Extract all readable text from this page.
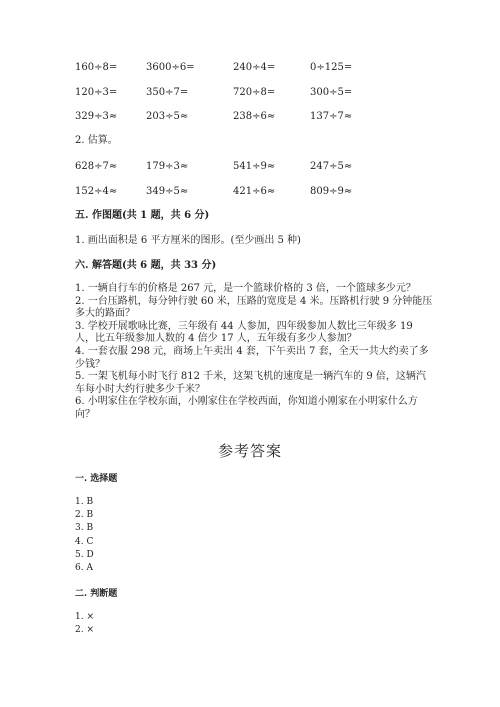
160÷8=	3600÷6=	240÷4=	0÷125=
120÷3=	350÷7=	720÷8=	300÷5=
329÷3≈	203÷5≈	238÷6≈	137÷7≈
2. 估算。
628÷7≈	179÷3≈	541÷9≈	247÷5≈
152÷4≈	349÷5≈	421÷6≈	809÷9≈
五. 作图题(共 1 题，共 6 分)
1. 画出面积是 6 平方厘米的图形。(至少画出 5 种)
六. 解答题(共 6 题，共 33 分)

1. 一辆自行车的价格是 267 元，是一个篮球价格的 3 倍，一个篮球多少元？

2. 一台压路机，每分钟行驶 60 米，压路的宽度是 4 米。压路机行驶 9 分钟能压多大的路面？

3. 学校开展歌咏比赛，三年级有 44 人参加，四年级参加人数比三年级多 19 人，比五年级参加人数的 4 倍少 17 人，五年级有多少人参加？

4. 一套衣服 298 元，商场上午卖出 4 套，下午卖出 7 套，全天一共大约卖了多少钱？

5. 一架飞机每小时飞行 812 千米，这架飞机的速度是一辆汽车的 9 倍，这辆汽车每小时大约行驶多少千米？

6. 小明家住在学校东面，小刚家住在学校西面，你知道小刚家在小明家什么方向？

参考答案
一. 选择题
1. B
2. B
3. B
4. C
5. D
6. A
二. 判断题
1. ×
2. ×
